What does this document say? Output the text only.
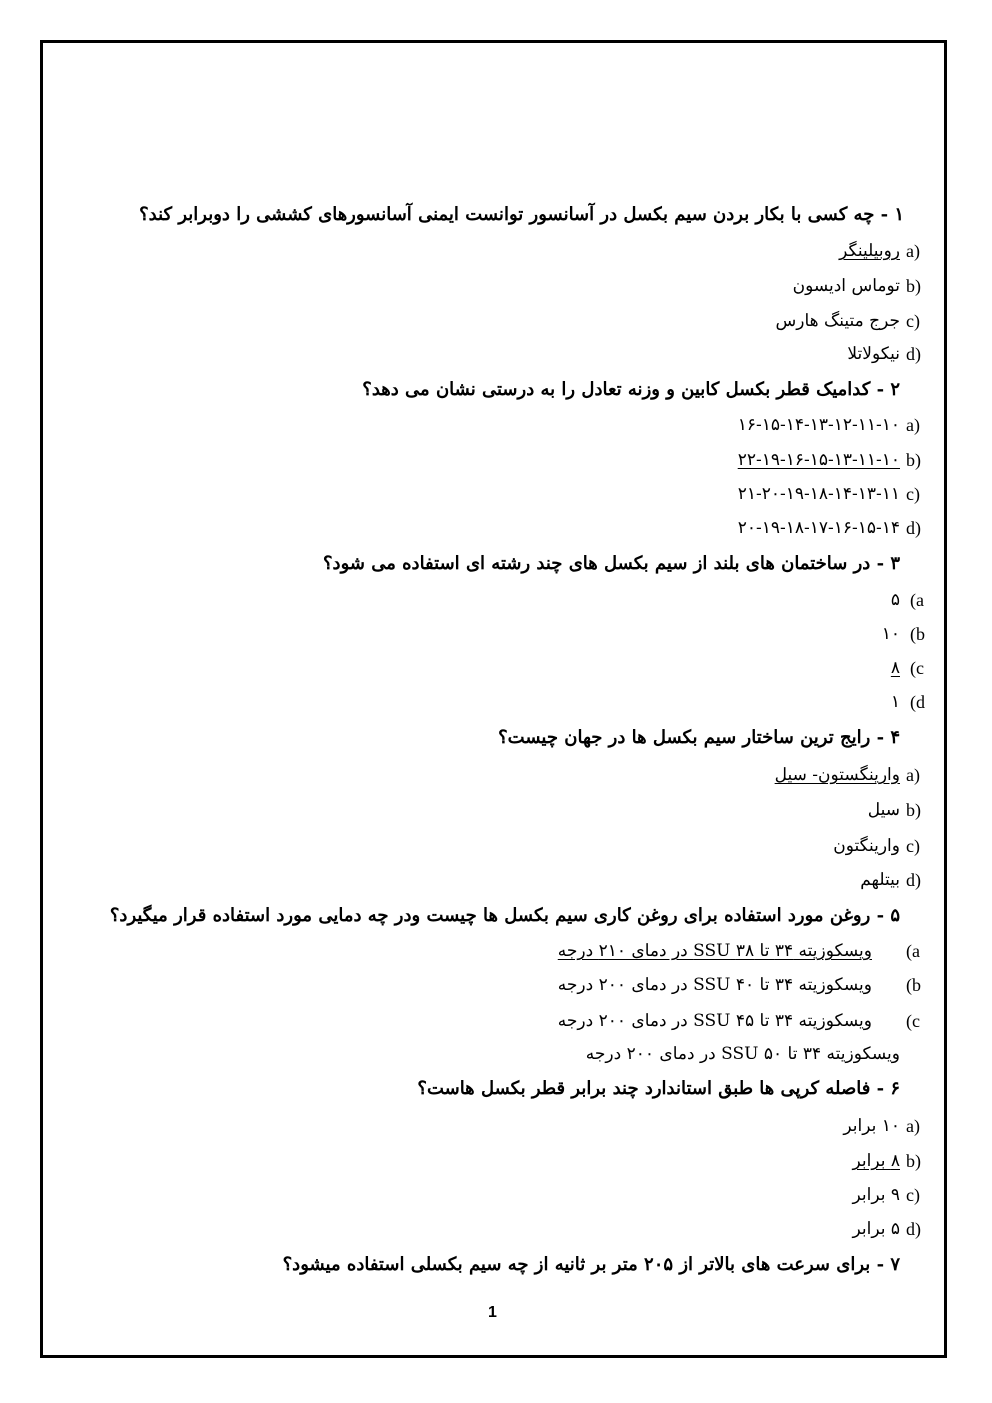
۱ - چه کسی با بکار بردن سیم بکسل در آسانسور توانست ایمنی آسانسورهای کششی را دوبرابر کند؟
a)
روبیلینگر
b)
توماس ادیسون
c)
جرج متینگ هارس
d)
نیکولاتلا
۲ - کدامیک قطر بکسل کابین و وزنه تعادل را به درستی نشان می دهد؟
a)
۱۶-۱۵-۱۴-۱۳-۱۲-۱۱-۱۰
b)
۲۲-۱۹-۱۶-۱۵-۱۳-۱۱-۱۰
c)
۲۱-۲۰-۱۹-۱۸-۱۴-۱۳-۱۱
d)
۲۰-۱۹-۱۸-۱۷-۱۶-۱۵-۱۴
۳ - در ساختمان های بلند از سیم بکسل های چند رشته ای استفاده می شود؟
(a
۵
(b
۱۰
(c
۸
(d
۱
۴ - رایج ترین ساختار سیم بکسل ها در جهان چیست؟
a)
وارینگستون- سیل
b)
سیل
c)
وارینگتون
d)
بیتلهم
۵ - روغن مورد استفاده برای روغن کاری سیم بکسل ها چیست ودر چه دمایی مورد استفاده قرار میگیرد؟
(a
ویسکوزیته ۳۴ تا ۳۸ SSU در دمای ۲۱۰ درجه
(b
ویسکوزیته ۳۴ تا ۴۰ SSU در دمای ۲۰۰ درجه
(c
ویسکوزیته ۳۴ تا ۴۵ SSU در دمای ۲۰۰ درجه
ویسکوزیته ۳۴ تا ۵۰ SSU در دمای ۲۰۰ درجه
۶ - فاصله کرپی ها طبق استاندارد چند برابر قطر بکسل هاست؟
a)
۱۰ برابر
b)
۸ برابر
c)
۹ برابر
d)
۵ برابر
۷ - برای سرعت های بالاتر از ۲۰۵ متر بر ثانیه از چه سیم بکسلی استفاده میشود؟
1
